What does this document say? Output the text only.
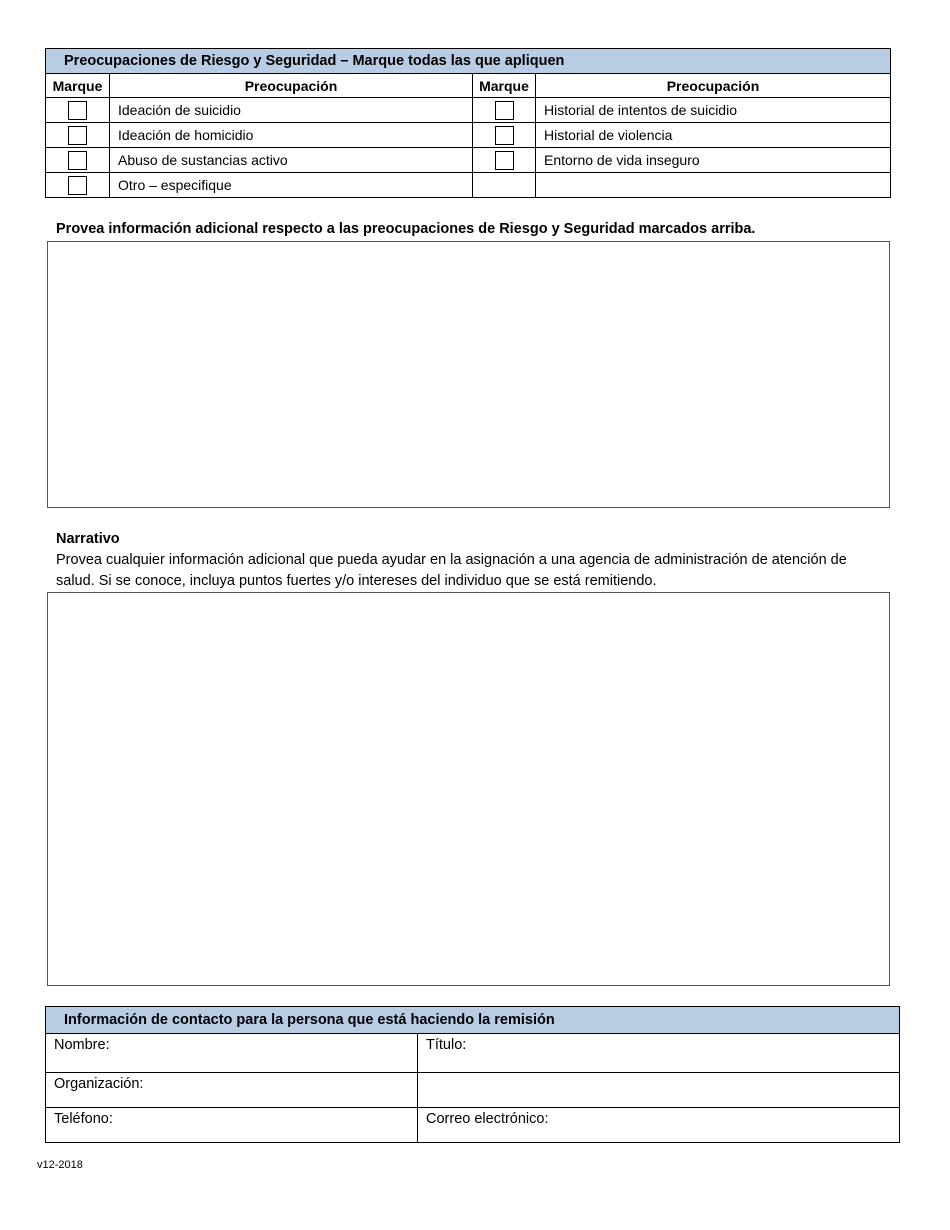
Preocupaciones de Riesgo y Seguridad – Marque todas las que apliquen			
Marque	Preocupación	Marque	Preocupación
	Ideación de suicidio		Historial de intentos de suicidio
	Ideación de homicidio		Historial de violencia
	Abuso de sustancias activo		Entorno de vida inseguro
	Otro – especifique		
Provea información adicional respecto a las preocupaciones de Riesgo y Seguridad marcados arriba.
Narrativo
Provea cualquier información adicional que pueda ayudar en la asignación a una agencia de administración de atención de
salud. Si se conoce, incluya puntos fuertes y/o intereses del individuo que se está remitiendo.
Información de contacto para la persona que está haciendo la remisión	
Nombre:	Título:
Organización:	
Teléfono:	Correo electrónico:
v12-2018
